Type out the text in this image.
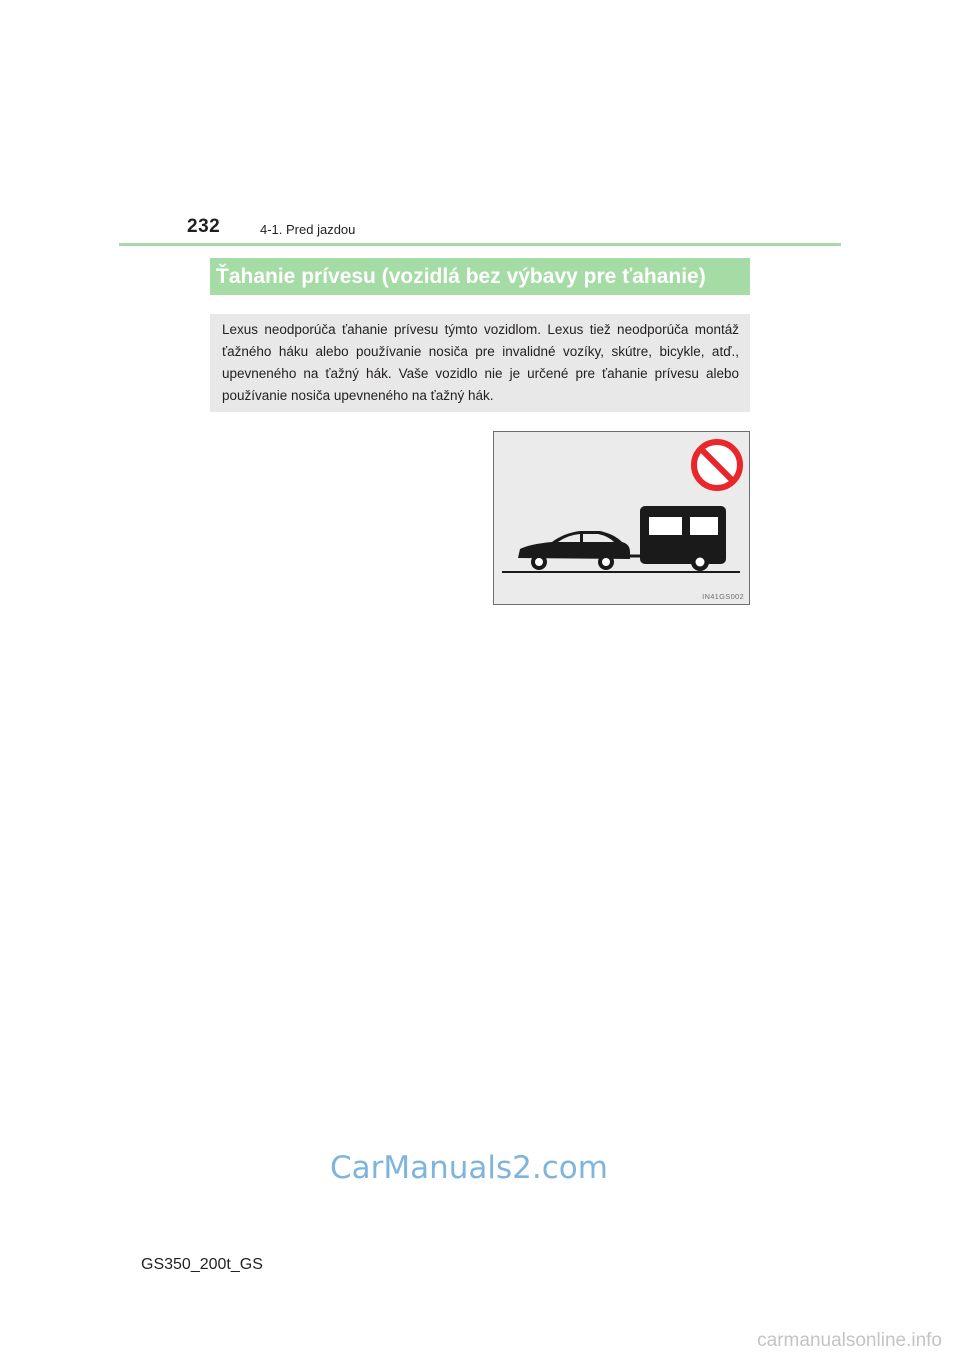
232	4-1. Pred jazdou
Ťahanie prívesu (vozidlá bez výbavy pre ťahanie)
Lexus neodporúča ťahanie prívesu týmto vozidlom. Lexus tiež neodporúča montáž ťažného háku alebo používanie nosiča pre invalidné vozíky, skútre, bicykle, atď., upevneného na ťažný hák. Vaše vozidlo nie je určené pre ťahanie prívesu alebo používanie nosiča upevneného na ťažný hák.
IN41GS002
CarManuals2.com
GS350_200t_GS
carmanualsonline.info
